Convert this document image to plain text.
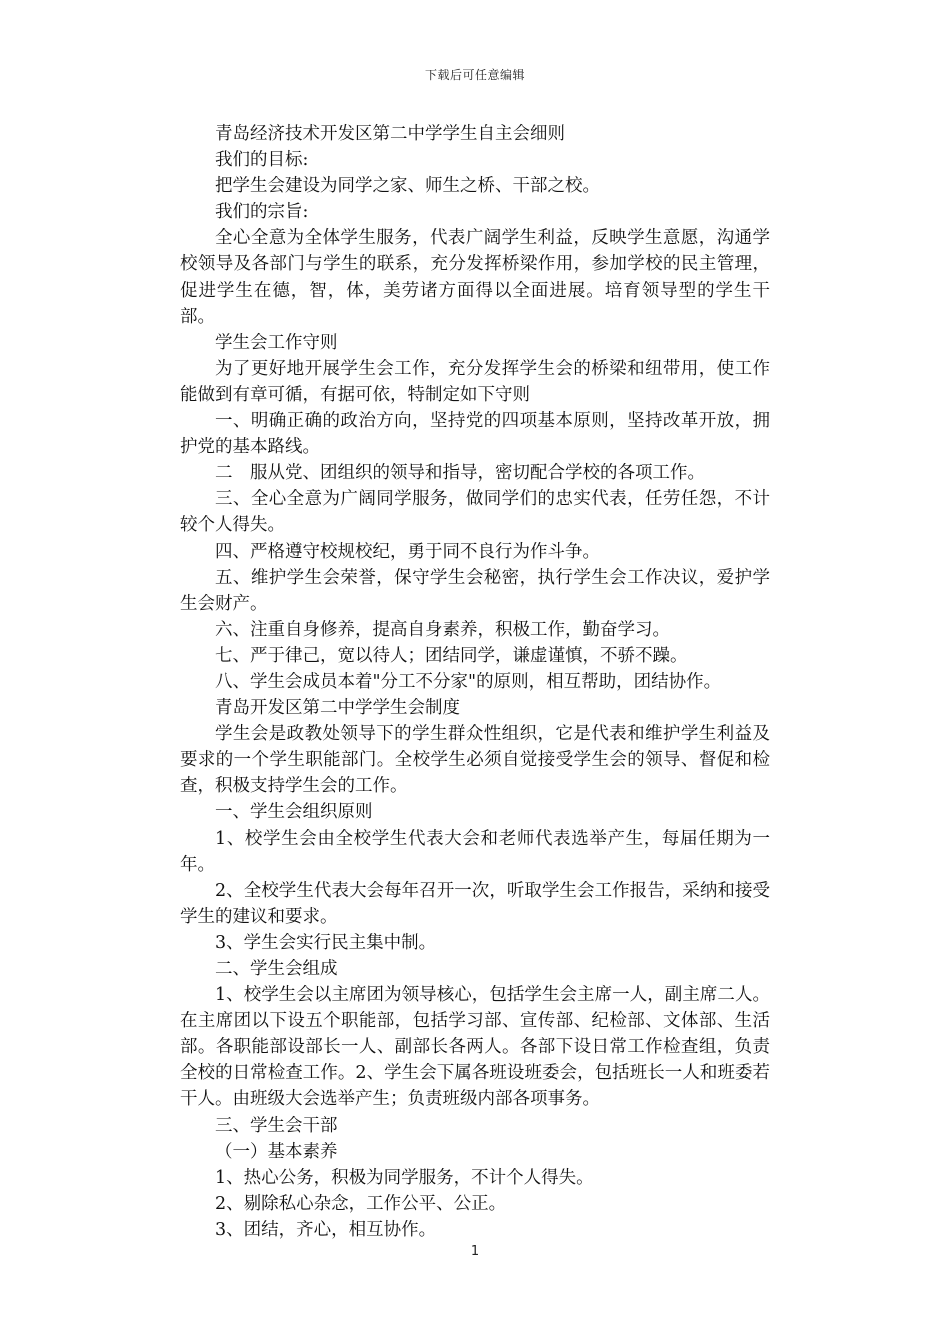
下载后可任意编辑

青岛经济技术开发区第二中学学生自主会细则

我们的目标:

把学生会建设为同学之家、师生之桥、干部之校。

我们的宗旨:

全心全意为全体学生服务，代表广阔学生利益，反映学生意愿，沟通学校领导及各部门与学生的联系，充分发挥桥梁作用，参加学校的民主管理，促进学生在德，智，体，美劳诸方面得以全面进展。培育领导型的学生干部。

学生会工作守则

为了更好地开展学生会工作，充分发挥学生会的桥梁和纽带用，使工作能做到有章可循，有据可依，特制定如下守则

一、明确正确的政治方向，坚持党的四项基本原则，坚持改革开放，拥护党的基本路线。

二　服从党、团组织的领导和指导，密切配合学校的各项工作。

三、全心全意为广阔同学服务，做同学们的忠实代表，任劳任怨，不计较个人得失。

四、严格遵守校规校纪，勇于同不良行为作斗争。

五、维护学生会荣誉，保守学生会秘密，执行学生会工作决议，爱护学生会财产。

六、注重自身修养，提高自身素养，积极工作，勤奋学习。

七、严于律己，宽以待人；团结同学，谦虚谨慎，不骄不躁。

八、学生会成员本着"分工不分家"的原则，相互帮助，团结协作。

青岛开发区第二中学学生会制度

学生会是政教处领导下的学生群众性组织，它是代表和维护学生利益及要求的一个学生职能部门。全校学生必须自觉接受学生会的领导、督促和检查，积极支持学生会的工作。

一、学生会组织原则

1、校学生会由全校学生代表大会和老师代表选举产生，每届任期为一年。

2、全校学生代表大会每年召开一次，听取学生会工作报告，采纳和接受学生的建议和要求。

3、学生会实行民主集中制。

二、学生会组成

1、校学生会以主席团为领导核心，包括学生会主席一人，副主席二人。在主席团以下设五个职能部，包括学习部、宣传部、纪检部、文体部、生活部。各职能部设部长一人、副部长各两人。各部下设日常工作检查组，负责全校的日常检查工作。2、学生会下属各班设班委会，包括班长一人和班委若干人。由班级大会选举产生；负责班级内部各项事务。

三、学生会干部

（一）基本素养

1、热心公务，积极为同学服务，不计个人得失。

2、剔除私心杂念，工作公平、公正。

3、团结，齐心，相互协作。

1
